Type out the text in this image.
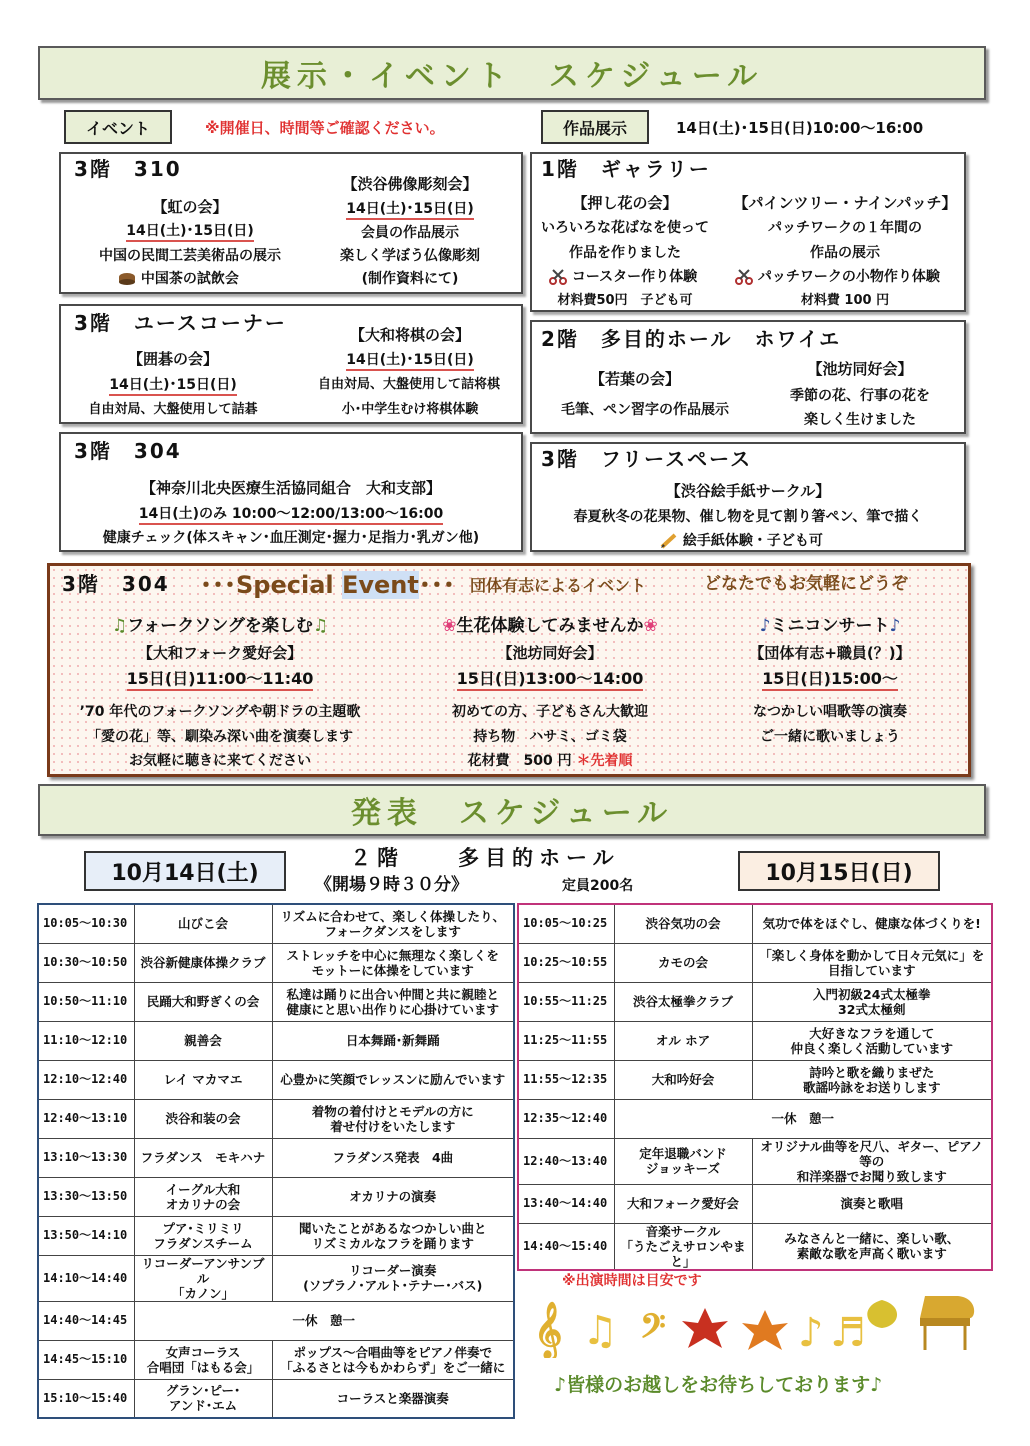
展示・イベント　スケジュール
イベント	※開催日、時間等ご確認ください。	作品展示	14日(土)･15日(日)10:00～16:00
3階　310
【虹の会】
14日(土)･15日(日)
中国の民間工芸美術品の展示
中国茶の試飲会
【渋谷佛像彫刻会】
14日(土)･15日(日)
会員の作品展示
楽しく学ぼう仏像彫刻
(制作資料にて)
3階　ユースコーナー
【囲碁の会】
14日(土)･15日(日)
自由対局、大盤使用して詰碁
【大和将棋の会】
14日(土)･15日(日)
自由対局、大盤使用して詰将棋
小･中学生むけ将棋体験
3階　304
【神奈川北央医療生活協同組合　大和支部】
14日(土)のみ 10:00～12:00/13:00～16:00
健康チェック(体スキャン･血圧測定･握力･足指力･乳ガン他)
1階　ギャラリー
【押し花の会】
いろいろな花ばなを使って
作品を作りました
コースター作り体験
材料費50円　子ども可
【パインツリー・ナインパッチ】
パッチワークの１年間の
作品の展示
パッチワークの小物作り体験
材料費 100 円
2階　多目的ホール　ホワイエ
【若葉の会】
毛筆、ペン習字の作品展示
【池坊同好会】
季節の花、行事の花を
楽しく生けました
3階　フリースペース
【渋谷絵手紙サークル】
春夏秋冬の花果物、催し物を見て割り箸ペン、筆で描く
絵手紙体験・子ども可
3階　304 ･･･Special Event･･･ 団体有志によるイベント	どなたでもお気軽にどうぞ
♫フォークソングを楽しむ♫
【大和フォーク愛好会】
15日(日)11:00～11:40
’70 年代のフォークソングや朝ドラの主題歌
「愛の花」等、馴染み深い曲を演奏します
お気軽に聴きに来てください
❀生花体験してみませんか❀
【池坊同好会】
15日(日)13:00～14:00
初めての方、子どもさん大歓迎
持ち物　ハサミ、ゴミ袋
花材費　500 円 ＊先着順
♪ミニコンサート♪
【団体有志+職員(？)】
15日(日)15:00～
なつかしい唱歌等の演奏
ご一緒に歌いましょう
発表　スケジュール
10月14日(土)	10月15日(日)
２階　　多目的ホール
《開場９時３０分》	定員200名
10:05～10:30	山びこ会	リズムに合わせて、楽しく体操したり、
フォークダンスをします
10:30～10:50	渋谷新健康体操クラブ	ストレッチを中心に無理なく楽しくを
モットーに体操をしています
10:50～11:10	民踊大和野ぎくの会	私達は踊りに出合い仲間と共に親睦と
健康にと思い出作りに心掛けています
11:10～12:10	親善会	日本舞踊･新舞踊
12:10～12:40	レイ マカマエ	心豊かに笑顔でレッスンに励んでいます
12:40～13:10	渋谷和装の会	着物の着付けとモデルの方に
着せ付けをいたします
13:10～13:30	フラダンス　モキハナ	フラダンス発表　4曲
13:30～13:50	イーグル大和
オカリナの会	オカリナの演奏
13:50～14:10	プア･ミリミリ
フラダンスチーム	聞いたことがあるなつかしい曲と
リズミカルなフラを踊ります
14:10～14:40	リコーダーアンサンブル
「カノン」	リコーダー演奏
(ソプラノ･アルト･テナー･バス)
14:40～14:45	一休　憩一	
14:45～15:10	女声コーラス
合唱団「はもる会」	ポップス～合唱曲等をピアノ伴奏で
「ふるさとは今もかわらず」をご一緒に
15:10～15:40	グラン･ピー･
アンド･エム	コーラスと楽器演奏
10:05～10:25	渋谷気功の会	気功で体をほぐし、健康な体づくりを!
10:25～10:55	カモの会	「楽しく身体を動かして日々元気に」を
目指しています
10:55～11:25	渋谷太極拳クラブ	入門初級24式太極拳
32式太極剣
11:25～11:55	オル ホア	大好きなフラを通して
仲良く楽しく活動しています
11:55～12:35	大和吟好会	詩吟と歌を織りまぜた
歌謡吟詠をお送りします
12:35～12:40	一休　憩一	
12:40～13:40	定年退職バンド
ジョッキーズ	オリジナル曲等を尺八、ギター、ピアノ等の
和洋楽器でお聞り致します
13:40～14:40	大和フォーク愛好会	演奏と歌唱
14:40～15:40	音楽サークル
「うたごえサロンやまと」	みなさんと一緒に、楽しい歌、
素敵な歌を声高く歌います
※出演時間は目安です
𝄞 ♫ 𝄢	♪ ♬
♪皆様のお越しをお待ちしております♪
